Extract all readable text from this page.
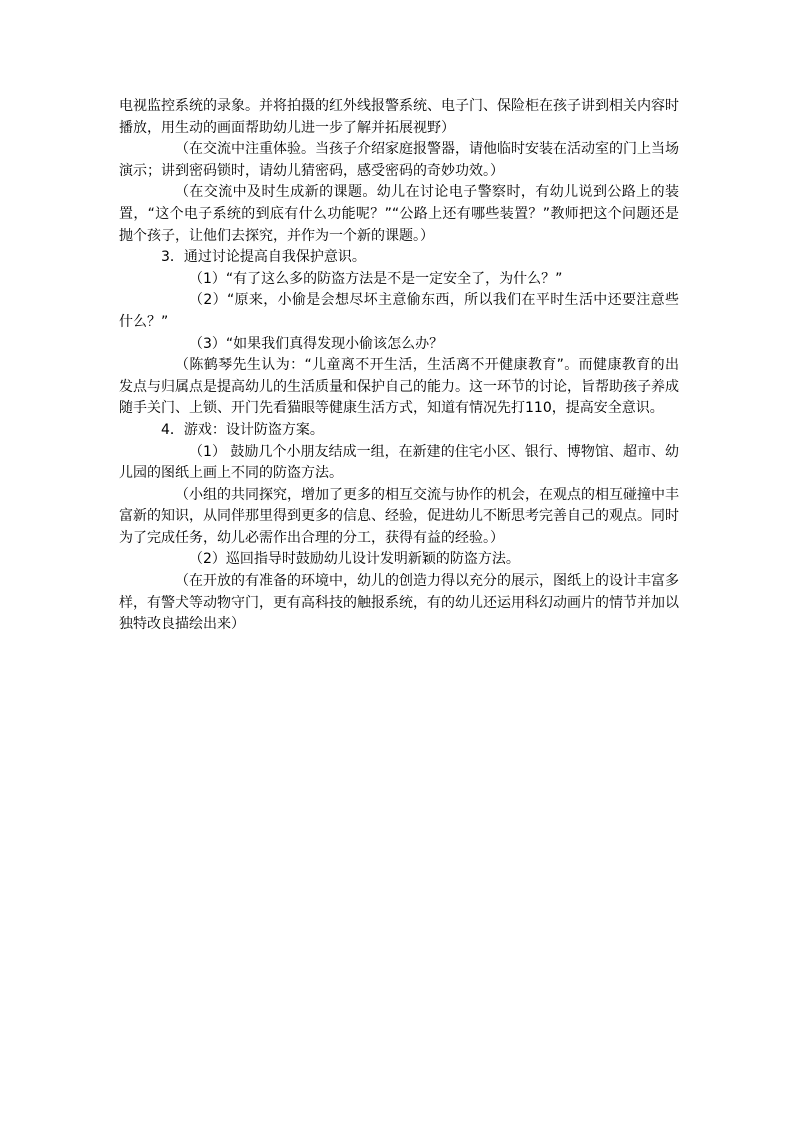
电视监控系统的录象。并将拍摄的红外线报警系统、电子门、保险柜在孩子讲到相关内容时播放，用生动的画面帮助幼儿进一步了解并拓展视野）

（在交流中注重体验。当孩子介绍家庭报警器，请他临时安装在活动室的门上当场演示；讲到密码锁时，请幼儿猜密码，感受密码的奇妙功效。）

（在交流中及时生成新的课题。幼儿在讨论电子警察时，有幼儿说到公路上的装置，“这个电子系统的到底有什么功能呢？”“公路上还有哪些装置？”教师把这个问题还是抛个孩子，让他们去探究，并作为一个新的课题。）

3．通过讨论提高自我保护意识。

（1）“有了这么多的防盗方法是不是一定安全了，为什么？”

（2）“原来，小偷是会想尽坏主意偷东西，所以我们在平时生活中还要注意些什么？”

（3）“如果我们真得发现小偷该怎么办？

（陈鹤琴先生认为：“儿童离不开生活，生活离不开健康教育”。而健康教育的出发点与归属点是提高幼儿的生活质量和保护自己的能力。这一环节的讨论，旨帮助孩子养成随手关门、上锁、开门先看猫眼等健康生活方式，知道有情况先打110，提高安全意识。

4．游戏：设计防盗方案。

（1） 鼓励几个小朋友结成一组，在新建的住宅小区、银行、博物馆、超市、幼儿园的图纸上画上不同的防盗方法。

（小组的共同探究，增加了更多的相互交流与协作的机会，在观点的相互碰撞中丰富新的知识，从同伴那里得到更多的信息、经验，促进幼儿不断思考完善自己的观点。同时为了完成任务，幼儿必需作出合理的分工，获得有益的经验。）

（2）巡回指导时鼓励幼儿设计发明新颖的防盗方法。

（在开放的有准备的环境中，幼儿的创造力得以充分的展示，图纸上的设计丰富多样，有警犬等动物守门，更有高科技的触报系统，有的幼儿还运用科幻动画片的情节并加以独特改良描绘出来）
